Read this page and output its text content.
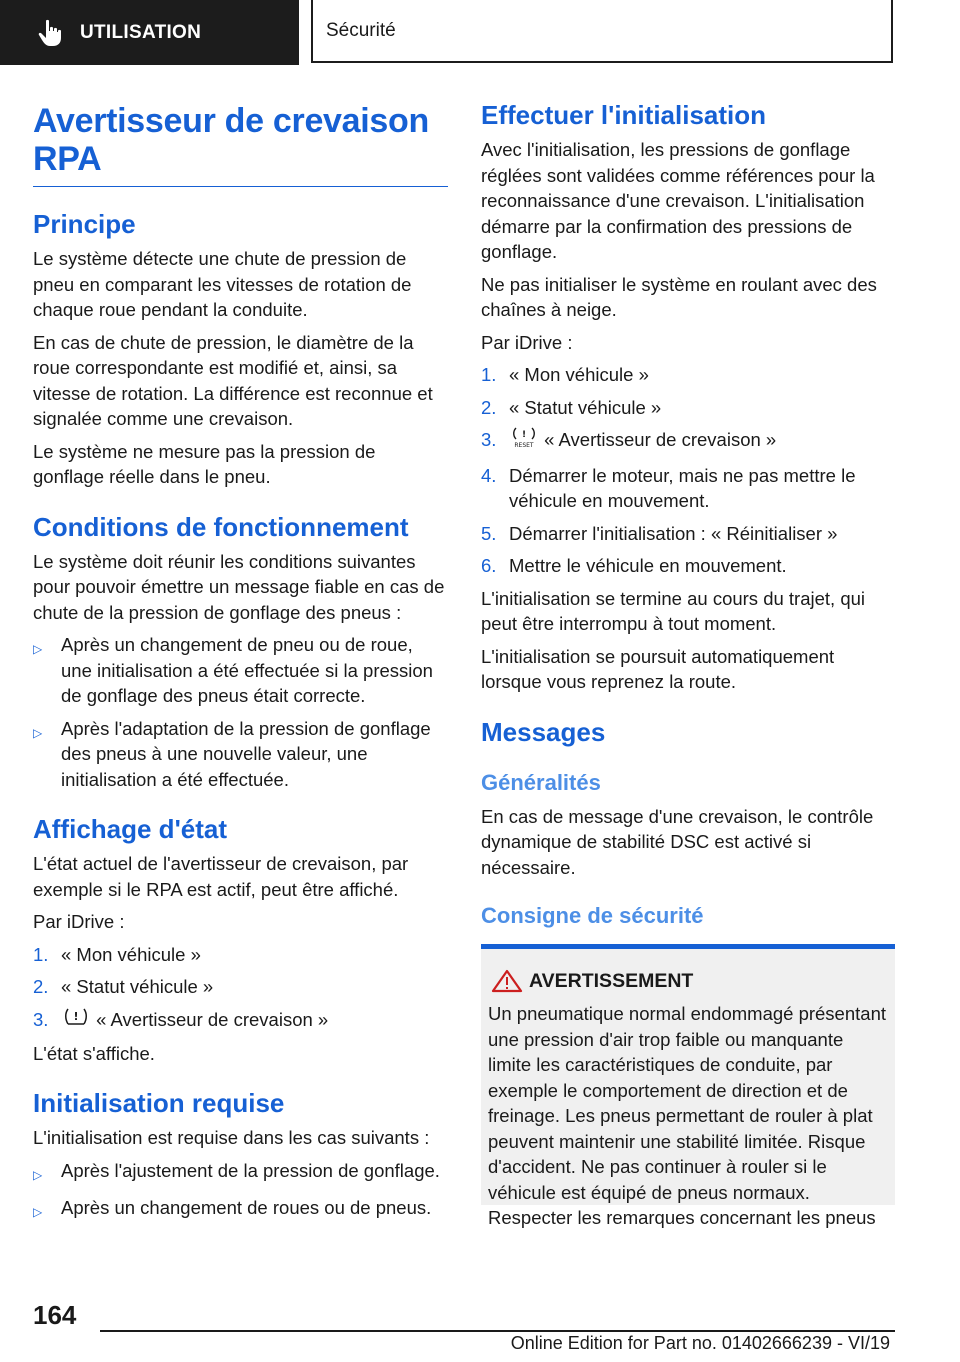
UTILISATION	Sécurité
Avertisseur de crevaison RPA
Principe

Le système détecte une chute de pression de pneu en comparant les vitesses de rotation de chaque roue pendant la conduite.

En cas de chute de pression, le diamètre de la roue correspondante est modifié et, ainsi, sa vitesse de rotation. La différence est reconnue et signalée comme une crevaison.

Le système ne mesure pas la pression de gonflage réelle dans le pneu.

Conditions de fonctionnement

Le système doit réunir les conditions suivantes pour pouvoir émettre un message fiable en cas de chute de la pression de gonflage des pneus :

▷	Après un changement de pneu ou de roue, une initialisation a été effectuée si la pression de gonflage des pneus était correcte.
▷	Après l'adaptation de la pression de gonflage des pneus à une nouvelle valeur, une initialisation a été effectuée.
Affichage d'état

L'état actuel de l'avertisseur de crevaison, par exemple si le RPA est actif, peut être affiché.

Par iDrive :

1. « Mon véhicule »
2. « Statut véhicule »
3.	! « Avertisseur de crevaison »

L'état s'affiche.

Initialisation requise

L'initialisation est requise dans les cas suivants :

▷	Après l'ajustement de la pression de gonflage.
▷	Après un changement de roues ou de pneus.
Effectuer l'initialisation

Avec l'initialisation, les pressions de gonflage réglées sont validées comme références pour la reconnaissance d'une crevaison. L'initialisation démarre par la confirmation des pressions de gonflage.

Ne pas initialiser le système en roulant avec des chaînes à neige.

Par iDrive :

1. « Mon véhicule »
2. « Statut véhicule »
3.	!
RESET « Avertisseur de crevaison »
4. Démarrer le moteur, mais ne pas mettre le véhicule en mouvement.
5. Démarrer l'initialisation : « Réinitialiser »
6. Mettre le véhicule en mouvement.

L'initialisation se termine au cours du trajet, qui peut être interrompu à tout moment.

L'initialisation se poursuit automatiquement lorsque vous reprenez la route.

Messages
Généralités

En cas de message d'une crevaison, le contrôle dynamique de stabilité DSC est activé si nécessaire.

Consigne de sécurité
AVERTISSEMENT

Un pneumatique normal endommagé présentant une pression d'air trop faible ou manquante limite les caractéristiques de conduite, par exemple le comportement de direction et de freinage. Les pneus permettant de rouler à plat peuvent maintenir une stabilité limitée. Risque d'accident. Ne pas continuer à rouler si le véhicule est équipé de pneus normaux. Respecter les remarques concernant les pneus

164
Online Edition for Part no. 01402666239 - VI/19
